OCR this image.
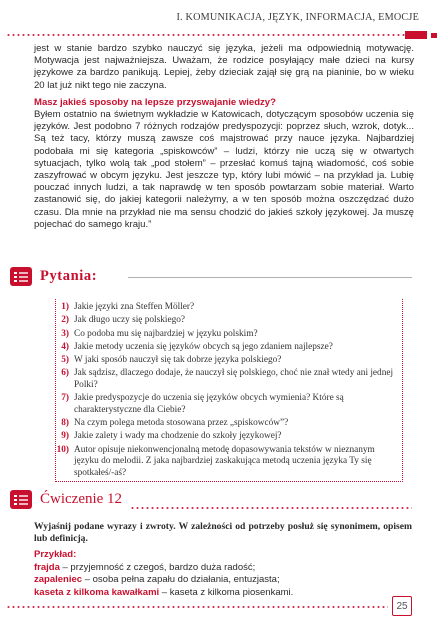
I. KOMUNIKACJA, JĘZYK, INFORMACJA, EMOCJE

jest w stanie bardzo szybko nauczyć się języka, jeżeli ma odpowiednią motywację. Motywacja jest najważniejsza. Uważam, że rodzice posyłający małe dzieci na kursy językowe za bardzo panikują. Lepiej, żeby dzieciak zajął się grą na pianinie, bo w wieku 20 lat już nikt tego nie zaczyna.

Masz jakieś sposoby na lepsze przyswajanie wiedzy?

Byłem ostatnio na świetnym wykładzie w Katowicach, dotyczącym sposobów uczenia się języków. Jest podobno 7 różnych rodzajów predyspozycji: poprzez słuch, wzrok, dotyk... Są też tacy, którzy muszą zawsze coś majstrować przy nauce języka. Najbardziej podobała mi się kategoria „spiskowców” – ludzi, którzy nie uczą się w otwartych sytuacjach, tylko wolą tak „pod stołem” – przesłać komuś tajną wiadomość, coś sobie zaszyfrować w obcym języku. Jest jeszcze typ, który lubi mówić – na przykład ja. Lubię pouczać innych ludzi, a tak naprawdę w ten sposób powtarzam sobie materiał. Warto zastanowić się, do jakiej kategorii należymy, a w ten sposób można oszczędzać dużo czasu. Dla mnie na przykład nie ma sensu chodzić do jakieś szkoły językowej. Ja muszę pojechać do samego kraju.”

Pytania:
1) Jakie języki zna Steffen Möller?
2) Jak długo uczy się polskiego?
3) Co podoba mu się najbardziej w języku polskim?
4) Jakie metody uczenia się języków obcych są jego zdaniem najlepsze?
5) W jaki sposób nauczył się tak dobrze języka polskiego?
6) Jak sądzisz, dlaczego dodaje, że nauczył się polskiego, choć nie znał wtedy ani jednej Polki?
7) Jakie predyspozycje do uczenia się języków obcych wymienia? Które są charakterystyczne dla Ciebie?
8) Na czym polega metoda stosowana przez „spiskowców”?
9) Jakie zalety i wady ma chodzenie do szkoły językowej?
10) Autor opisuje niekonwencjonalną metodę dopasowywania tekstów w nieznanym języku do melodii. Z jaka najbardziej zaskakująca metodą uczenia języka Ty się spotkałeś/-aś?
Ćwiczenie 12

Wyjaśnij podane wyrazy i zwroty. W zależności od potrzeby posłuż się synonimem, opisem lub definicją.

Przykład:
frajda – przyjemność z czegoś, bardzo duża radość;
zapaleniec – osoba pełna zapału do działania, entuzjasta;
kaseta z kilkoma kawałkami – kaseta z kilkoma piosenkami.
25
